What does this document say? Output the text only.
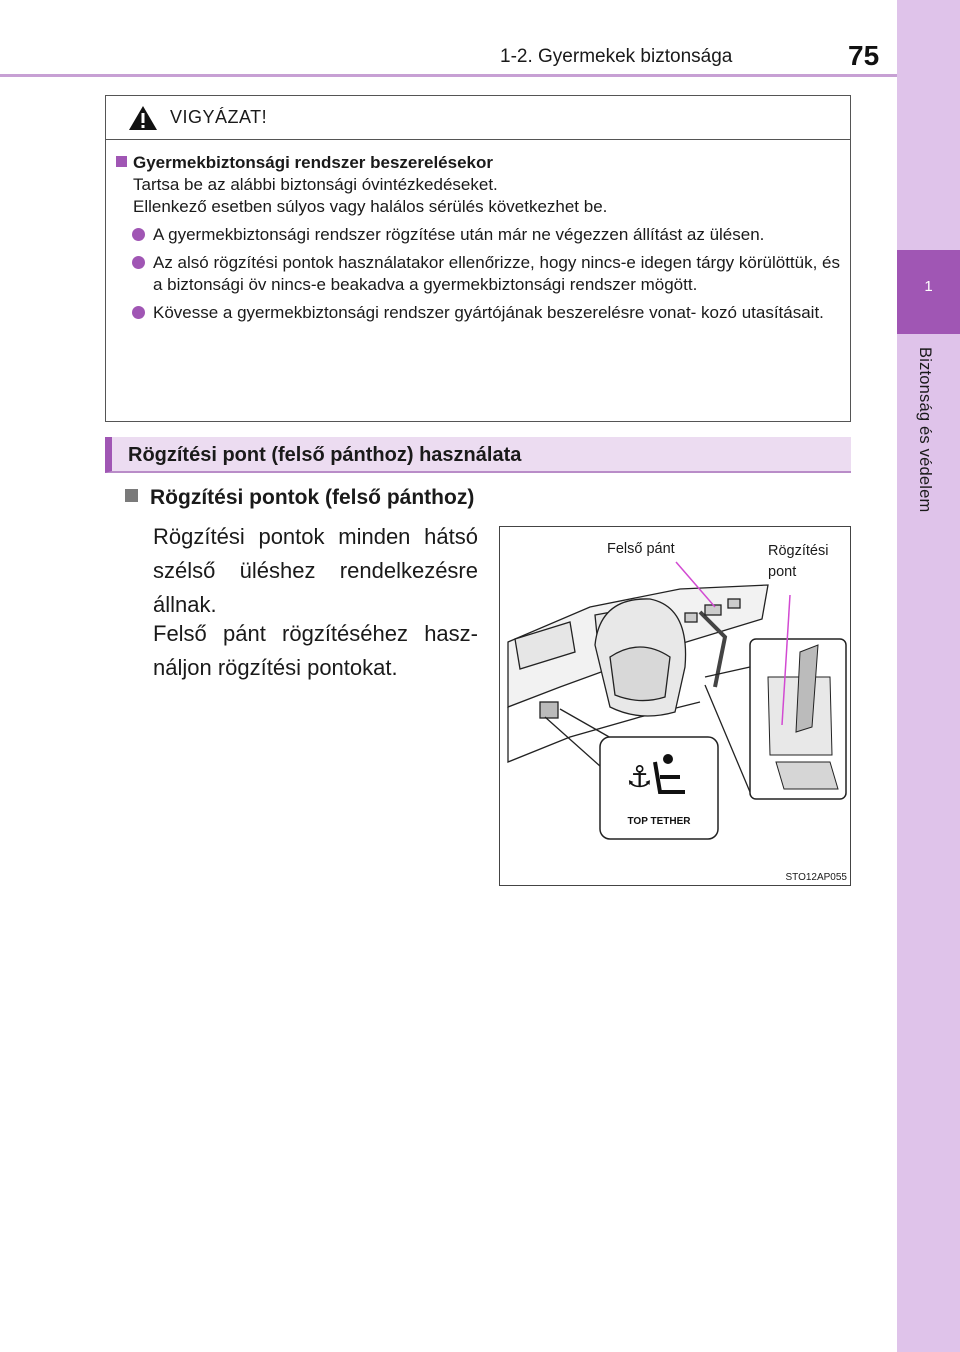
1-2. Gyermekek biztonsága	75
1
Biztonság és védelem
VIGYÁZAT!
Gyermekbiztonsági rendszer beszerelésekor
Tartsa be az alábbi biztonsági óvintézkedéseket.
Ellenkező esetben súlyos vagy halálos sérülés következhet be.
A gyermekbiztonsági rendszer rögzítése után már ne végezzen állítást az ülésen.
Az alsó rögzítési pontok használatakor ellenőrizze, hogy nincs-e idegen tárgy körülöttük, és a biztonsági öv nincs-e beakadva a gyermekbiztonsági rendszer mögött.
Kövesse a gyermekbiztonsági rendszer gyártójának beszerelésre vonat- kozó utasításait.
Rögzítési pont (felső pánthoz) használata
Rögzítési pontok (felső pánthoz)
Rögzítési pontok minden hátsó szélső üléshez rendelkezésre állnak.
Felső pánt rögzítéséhez hasz- náljon rögzítési pontokat.
⚓
TOP TETHER
Felső pánt	Rögzítési
pont
STO12AP055
